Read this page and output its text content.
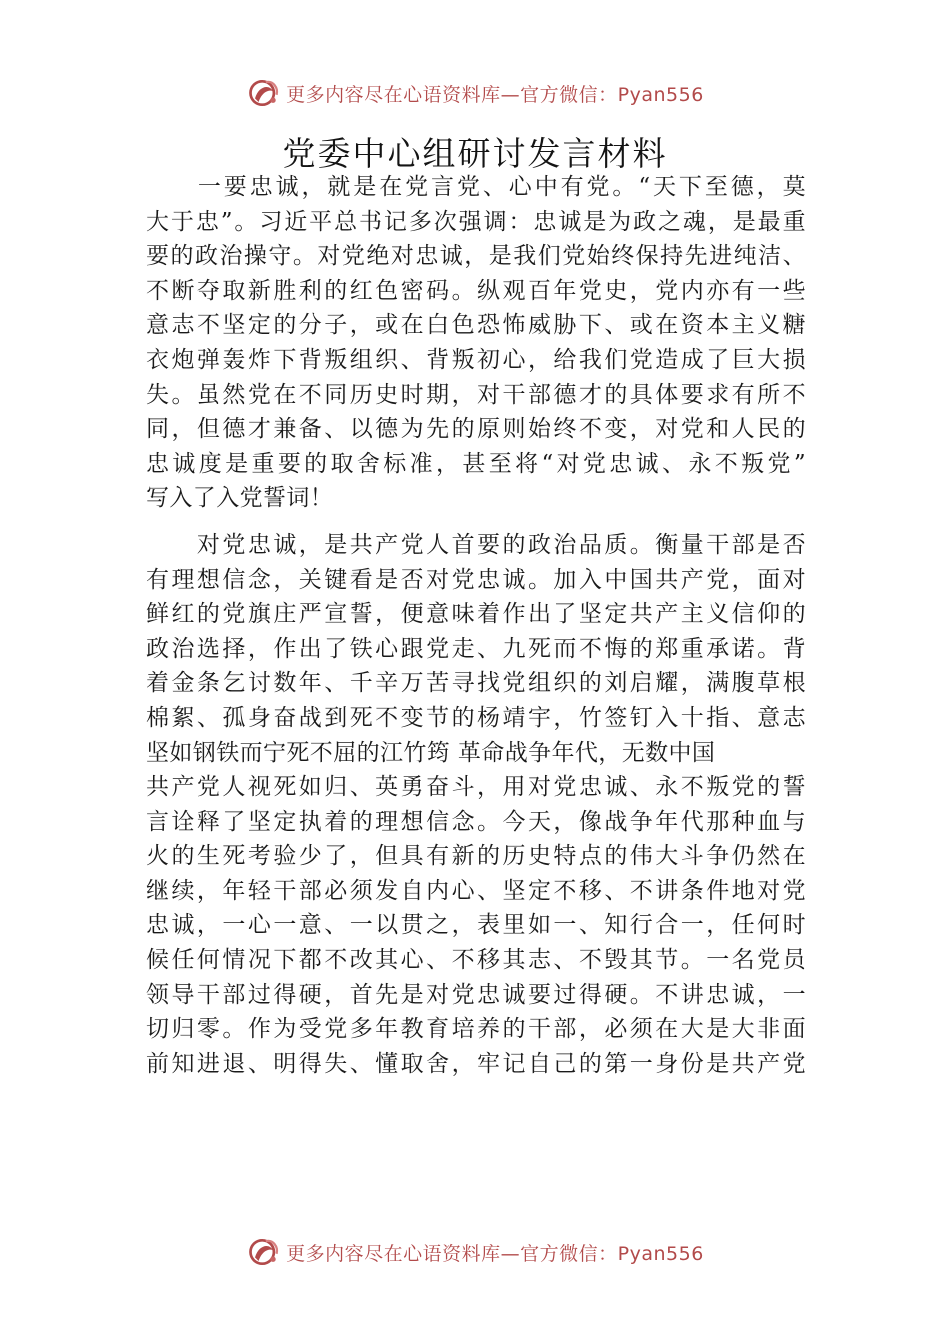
更多内容尽在心语资料库—官方微信：Pyan556
党委中心组研讨发言材料
　　一要忠诚，就是在党言党、心中有党。“天下至德，莫
大于忠”。习近平总书记多次强调：忠诚是为政之魂，是最重
要的政治操守。对党绝对忠诚，是我们党始终保持先进纯洁、
不断夺取新胜利的红色密码。纵观百年党史，党内亦有一些
意志不坚定的分子，或在白色恐怖威胁下、或在资本主义糖
衣炮弹轰炸下背叛组织、背叛初心，给我们党造成了巨大损
失。虽然党在不同历史时期，对干部德才的具体要求有所不
同，但德才兼备、以德为先的原则始终不变，对党和人民的
忠诚度是重要的取舍标准，甚至将“对党忠诚、永不叛党”
写入了入党誓词！
　　对党忠诚，是共产党人首要的政治品质。衡量干部是否
有理想信念，关键看是否对党忠诚。加入中国共产党，面对
鲜红的党旗庄严宣誓，便意味着作出了坚定共产主义信仰的
政治选择，作出了铁心跟党走、九死而不悔的郑重承诺。背
着金条乞讨数年、千辛万苦寻找党组织的刘启耀，满腹草根
棉絮、孤身奋战到死不变节的杨靖宇，竹签钉入十指、意志
坚如钢铁而宁死不屈的江竹筠 革命战争年代，无数中国
共产党人视死如归、英勇奋斗，用对党忠诚、永不叛党的誓
言诠释了坚定执着的理想信念。今天，像战争年代那种血与
火的生死考验少了，但具有新的历史特点的伟大斗争仍然在
继续，年轻干部必须发自内心、坚定不移、不讲条件地对党
忠诚，一心一意、一以贯之，表里如一、知行合一，任何时
候任何情况下都不改其心、不移其志、不毁其节。一名党员
领导干部过得硬，首先是对党忠诚要过得硬。不讲忠诚，一
切归零。作为受党多年教育培养的干部，必须在大是大非面
前知进退、明得失、懂取舍，牢记自己的第一身份是共产党
更多内容尽在心语资料库—官方微信：Pyan556
